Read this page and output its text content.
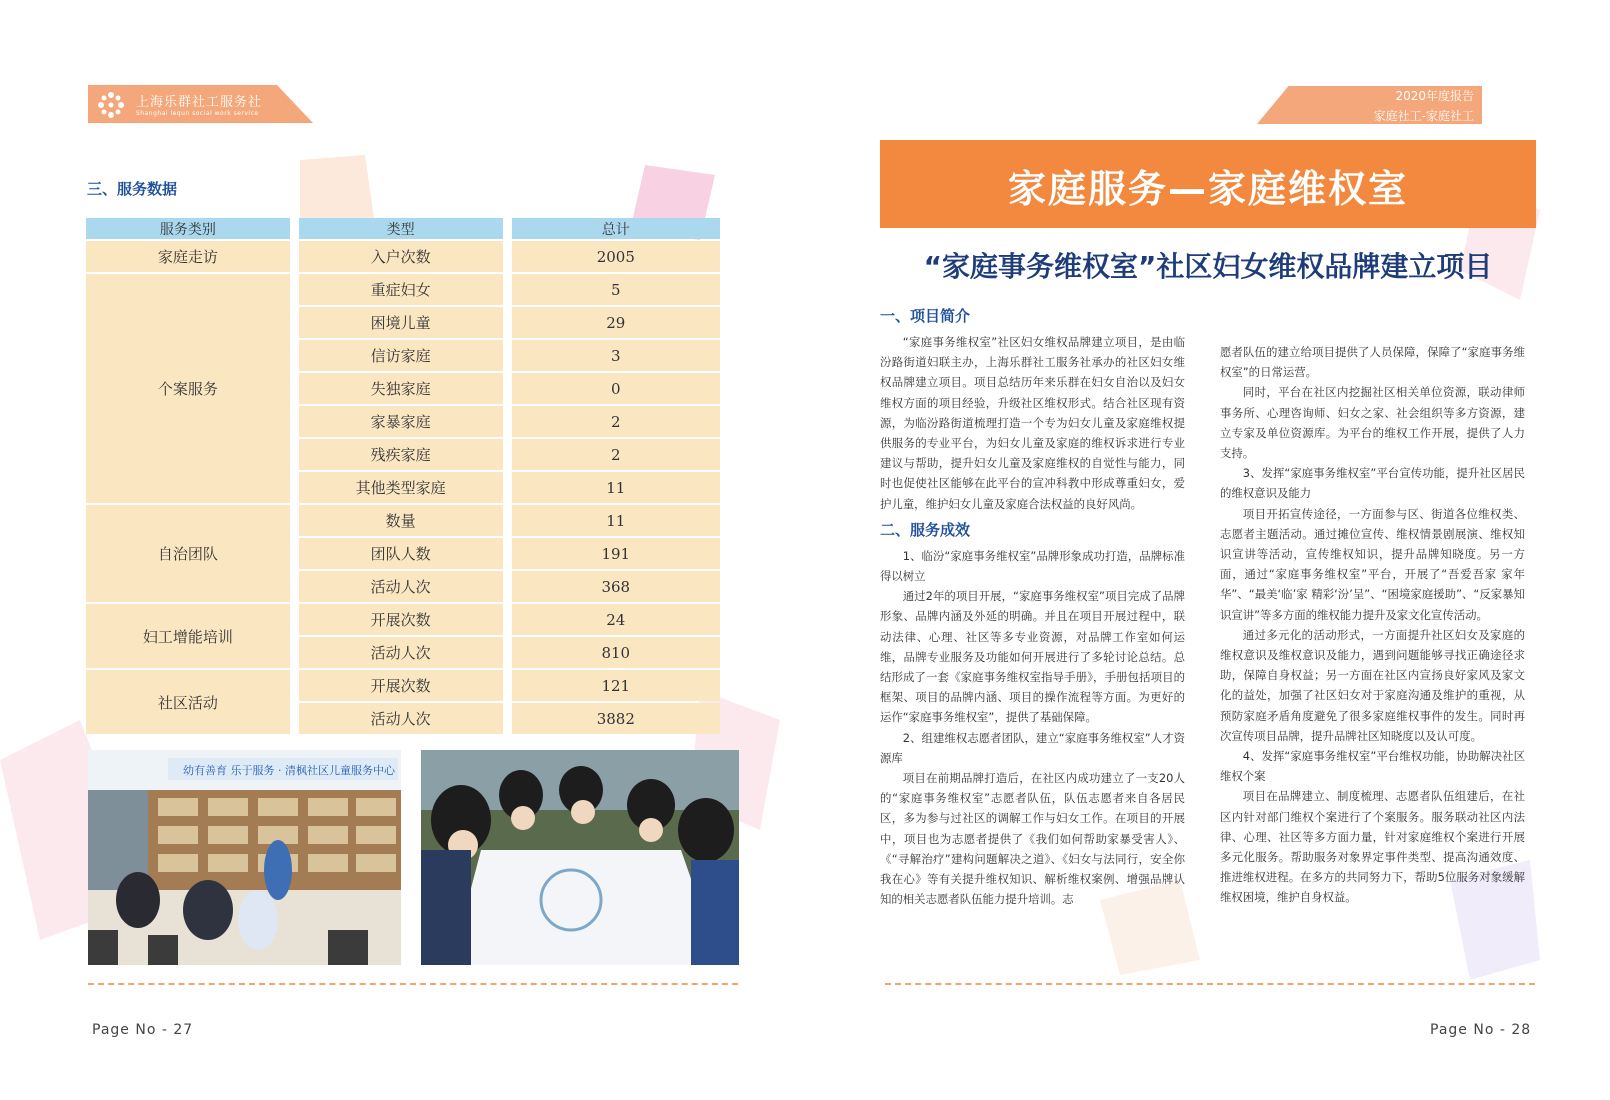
上海乐群社工服务社
Shanghai lequn social work service
三、服务数据
服务类别	类型	总计
家庭走访	入户次数	2005
个案服务	重症妇女	5
	困境儿童	29
	信访家庭	3
	失独家庭	0
	家暴家庭	2
	残疾家庭	2
	其他类型家庭	11
自治团队	数量	11
	团队人数	191
	活动人次	368
妇工增能培训	开展次数	24
	活动人次	810
社区活动	开展次数	121
	活动人次	3882
幼有善育 乐于服务 · 清枫社区儿童服务中心
Page No - 27
2020年度报告
家庭社工-家庭社工
家庭服务—家庭维权室
“家庭事务维权室”社区妇女维权品牌建立项目

一、项目简介

“家庭事务维权室”社区妇女维权品牌建立项目，是由临汾路街道妇联主办，上海乐群社工服务社承办的社区妇女维权品牌建立项目。项目总结历年来乐群在妇女自治以及妇女维权方面的项目经验，升级社区维权形式。结合社区现有资源，为临汾路街道梳理打造一个专为妇女儿童及家庭维权提供服务的专业平台，为妇女儿童及家庭的维权诉求进行专业建议与帮助，提升妇女儿童及家庭维权的自觉性与能力，同时也促使社区能够在此平台的宣冲科教中形成尊重妇女，爱护儿童，维护妇女儿童及家庭合法权益的良好风尚。

二、服务成效

1、临汾“家庭事务维权室”品牌形象成功打造，品牌标准得以树立

通过2年的项目开展，“家庭事务维权室”项目完成了品牌形象、品牌内涵及外延的明确。并且在项目开展过程中，联动法律、心理、社区等多专业资源，对品牌工作室如何运维，品牌专业服务及功能如何开展进行了多轮讨论总结。总结形成了一套《家庭事务维权室指导手册》，手册包括项目的框架、项目的品牌内涵、项目的操作流程等方面。为更好的运作“家庭事务维权室”，提供了基础保障。

2、组建维权志愿者团队，建立“家庭事务维权室”人才资源库

项目在前期品牌打造后，在社区内成功建立了一支20人的“家庭事务维权室”志愿者队伍，队伍志愿者来自各居民区，多为参与过社区的调解工作与妇女工作。在项目的开展中，项目也为志愿者提供了《我们如何帮助家暴受害人》、《“寻解治疗”建构问题解决之道》、《妇女与法同行，安全你我在心》等有关提升维权知识、解析维权案例、增强品牌认知的相关志愿者队伍能力提升培训。志

愿者队伍的建立给项目提供了人员保障，保障了“家庭事务维权室”的日常运营。

同时，平台在社区内挖掘社区相关单位资源，联动律师事务所、心理咨询师、妇女之家、社会组织等多方资源，建立专家及单位资源库。为平台的维权工作开展，提供了人力支持。

3、发挥“家庭事务维权室”平台宣传功能，提升社区居民的维权意识及能力

项目开拓宣传途径，一方面参与区、街道各位维权类、志愿者主题活动。通过摊位宣传、维权情景剧展演、维权知识宣讲等活动，宣传维权知识，提升品牌知晓度。另一方面，通过“家庭事务维权室”平台，开展了“吾爱吾家 家年华”、“最美‘临’家 精彩‘汾’呈”、“困境家庭援助”、“反家暴知识宣讲”等多方面的维权能力提升及家文化宣传活动。

通过多元化的活动形式，一方面提升社区妇女及家庭的维权意识及维权意识及能力，遇到问题能够寻找正确途径求助，保障自身权益；另一方面在社区内宣扬良好家风及家文化的益处，加强了社区妇女对于家庭沟通及维护的重视，从预防家庭矛盾角度避免了很多家庭维权事件的发生。同时再次宣传项目品牌，提升品牌社区知晓度以及认可度。

4、发挥“家庭事务维权室”平台维权功能，协助解决社区 维权个案

项目在品牌建立、制度梳理、志愿者队伍组建后，在社区内针对部门维权个案进行了个案服务。服务联动社区内法律、心理、社区等多方面力量，针对家庭维权个案进行开展多元化服务。帮助服务对象界定事件类型、提高沟通效度、推进维权进程。在多方的共同努力下，帮助5位服务对象缓解维权困境，维护自身权益。

Page No - 28
